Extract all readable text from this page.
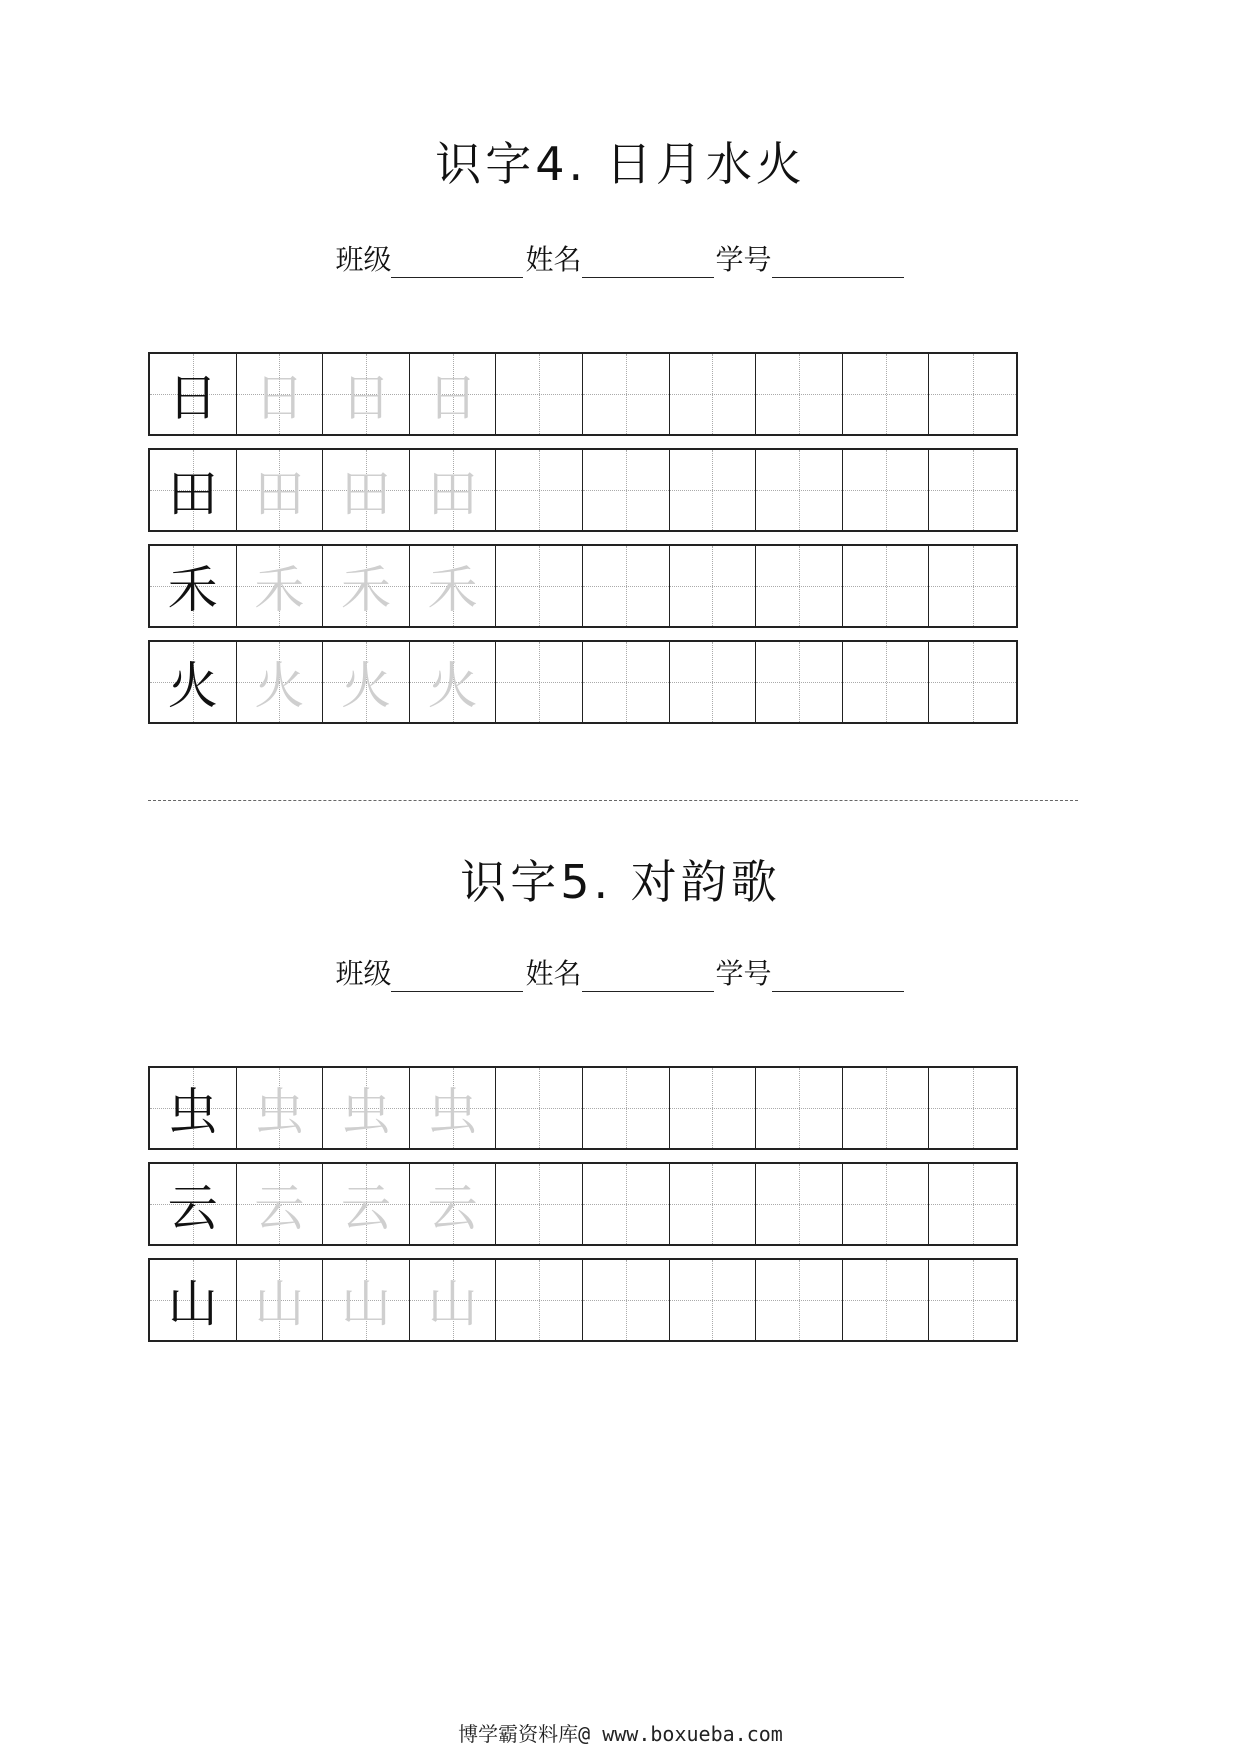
识字4. 日月水火
班级	姓名	学号
日 日 日 日
田 田 田 田
禾 禾 禾 禾
火 火 火 火
识字5. 对韵歌
班级	姓名	学号
虫 虫 虫 虫
云 云 云 云
山 山 山 山
博学霸资料库@ www.boxueba.com
